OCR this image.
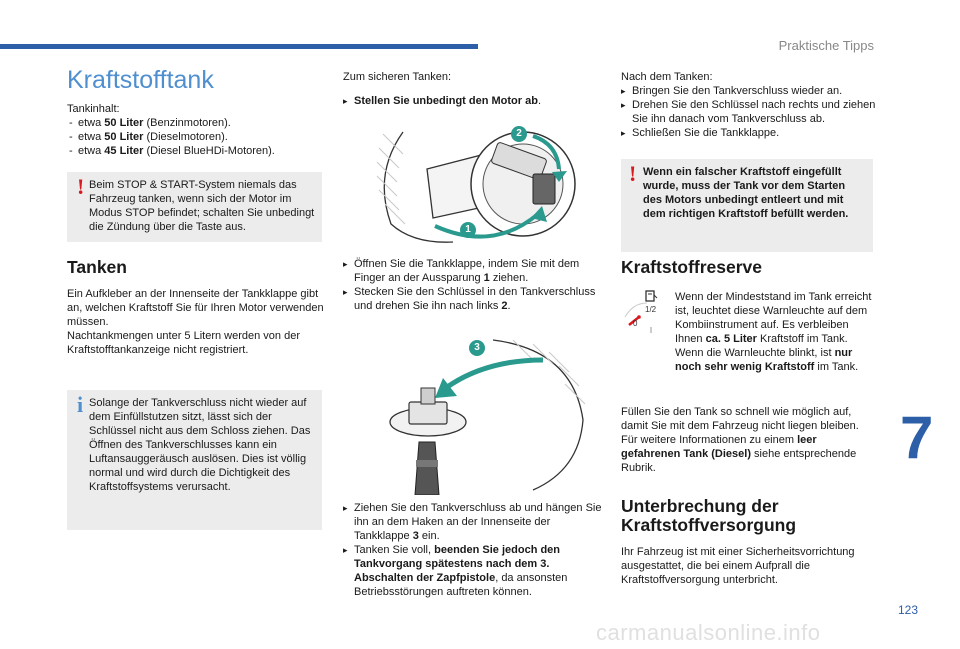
Praktische Tipps
Kraftstofftank

Tankinhalt:

- etwa 50 Liter (Benzinmotoren).

- etwa 50 Liter (Dieselmotoren).

- etwa 45 Liter (Diesel BlueHDi-Motoren).

! Beim STOP & START-System niemals das Fahrzeug tanken, wenn sich der Motor im Modus STOP befindet; schalten Sie unbedingt die Zündung über die Taste aus.

Tanken

Ein Aufkleber an der Innenseite der Tankklappe gibt an, welchen Kraftstoff Sie für Ihren Motor verwenden müssen.

Nachtankmengen unter 5 Litern werden von der Kraftstofftankanzeige nicht registriert.

i Solange der Tankverschluss nicht wieder auf dem Einfüllstutzen sitzt, lässt sich der Schlüssel nicht aus dem Schloss ziehen. Das Öffnen des Tankverschlusses kann ein Luftansauggeräusch auslösen. Dies ist völlig normal und wird durch die Dichtigkeit des Kraftstoffsystems verursacht.

Zum sicheren Tanken:

▸ Stellen Sie unbedingt den Motor ab.

2
1

▸ Öffnen Sie die Tankklappe, indem Sie mit dem Finger an der Aussparung 1 ziehen.

▸ Stecken Sie den Schlüssel in den Tankverschluss und drehen Sie ihn nach links 2.

3

▸ Ziehen Sie den Tankverschluss ab und hängen Sie ihn an dem Haken an der Innenseite der Tankklappe 3 ein.

▸ Tanken Sie voll, beenden Sie jedoch den Tankvorgang spätestens nach dem 3. Abschalten der Zapfpistole, da ansonsten Betriebsstörungen auftreten können.

Nach dem Tanken:

▸ Bringen Sie den Tankverschluss wieder an.

▸ Drehen Sie den Schlüssel nach rechts und ziehen Sie ihn danach vom Tankverschluss ab.

▸ Schließen Sie die Tankklappe.

! Wenn ein falscher Kraftstoff eingefüllt wurde, muss der Tank vor dem Starten des Motors unbedingt entleert und mit dem richtigen Kraftstoff befüllt werden.

Kraftstoffreserve
1/2
0

Wenn der Mindeststand im Tank erreicht ist, leuchtet diese Warnleuchte auf dem Kombiinstrument auf. Es verbleiben Ihnen ca. 5 Liter Kraftstoff im Tank. Wenn die Warnleuchte blinkt, ist nur noch sehr wenig Kraftstoff im Tank.

Füllen Sie den Tank so schnell wie möglich auf, damit Sie mit dem Fahrzeug nicht liegen bleiben.

Für weitere Informationen zu einem leer gefahrenen Tank (Diesel) siehe entsprechende Rubrik.

Unterbrechung der Kraftstoffversorgung

Ihr Fahrzeug ist mit einer Sicherheitsvorrichtung ausgestattet, die bei einem Aufprall die Kraftstoffversorgung unterbricht.

7
123
carmanualsonline.info
